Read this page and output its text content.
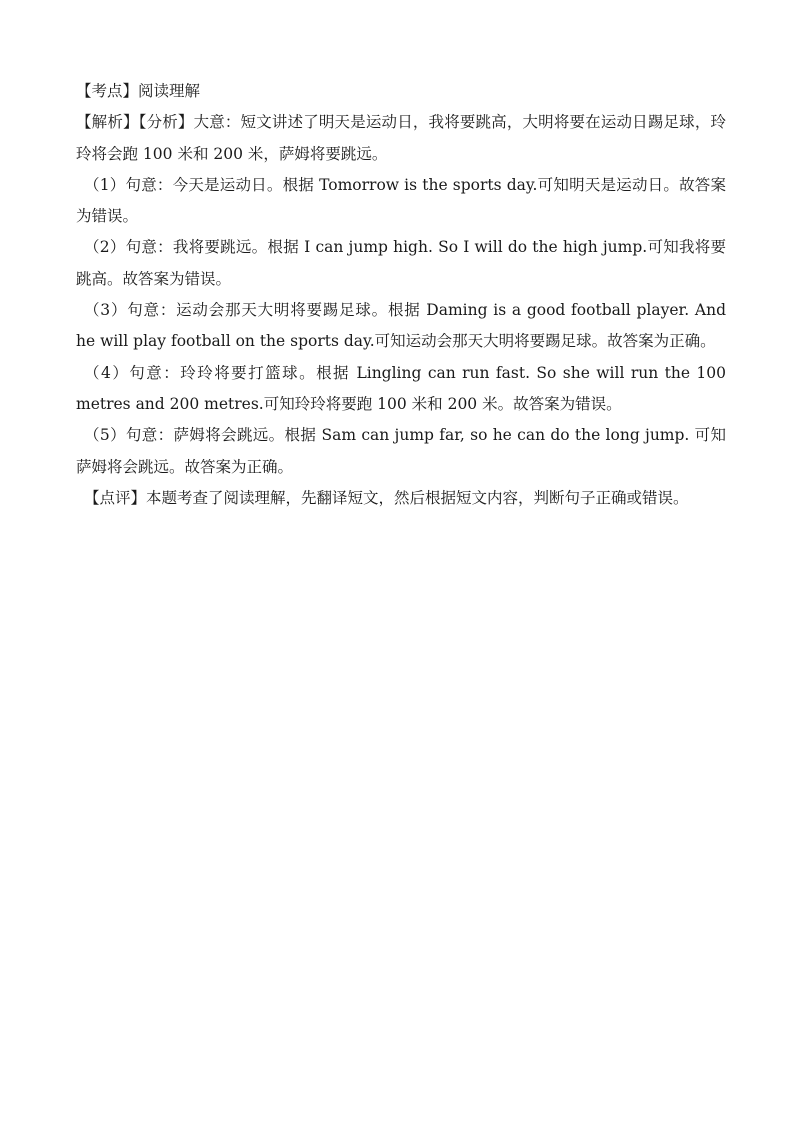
【考点】阅读理解

【解析】【分析】大意：短文讲述了明天是运动日，我将要跳高，大明将要在运动日踢足球，玲玲将会跑 100 米和 200 米，萨姆将要跳远。

（1）句意：今天是运动日。根据 Tomorrow is the sports day.可知明天是运动日。故答案为错误。

（2）句意：我将要跳远。根据 I can jump high. So I will do the high jump.可知我将要跳高。故答案为错误。

（3）句意：运动会那天大明将要踢足球。根据 Daming is a good football player. And he will play football on the sports day.可知运动会那天大明将要踢足球。故答案为正确。

（4）句意：玲玲将要打篮球。根据 Lingling can run fast. So she will run the 100 metres and 200 metres.可知玲玲将要跑 100 米和 200 米。故答案为错误。

（5）句意：萨姆将会跳远。根据 Sam can jump far, so he can do the long jump. 可知萨姆将会跳远。故答案为正确。

【点评】本题考查了阅读理解，先翻译短文，然后根据短文内容，判断句子正确或错误。
